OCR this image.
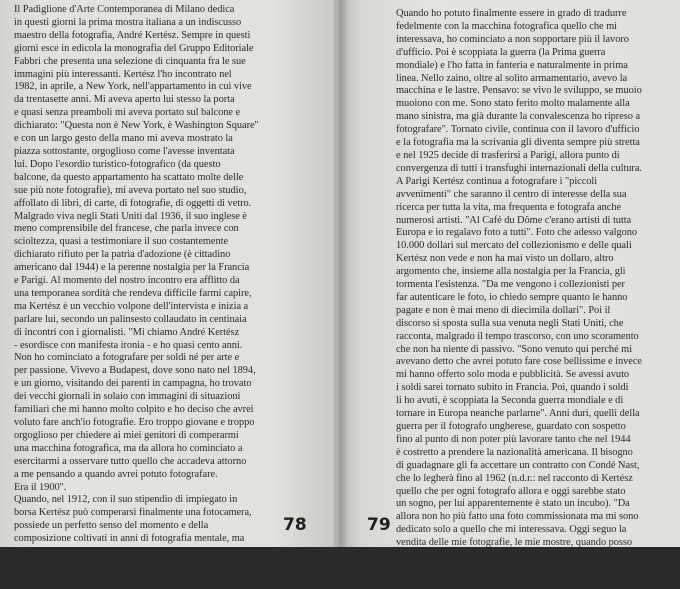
Il Padiglione d'Arte Contemporanea di Milano dedica
in questi giorni la prima mostra italiana a un indiscusso
maestro della fotografia, André Kertész. Sempre in questi
giorni esce in edicola la monografia del Gruppo Editoriale
Fabbri che presenta una selezione di cinquanta fra le sue
immagini più interessanti. Kertész l'ho incontrato nel
1982, in aprile, a New York, nell'appartamento in cui vive
da trentasette anni. Mi aveva aperto lui stesso la porta
e quasi senza preamboli mi aveva portato sul balcone e
dichiarato: "Questa non è New York, è Washington Square"
e con un largo gesto della mano mi aveva mostrato la
piazza sottostante, orgoglioso come l'avesse inventata
lui. Dopo l'esordio turistico-fotografico (da questo
balcone, da questo appartamento ha scattato molte delle
sue più note fotografie), mi aveva portato nel suo studio,
affollato di libri, di carte, di fotografie, di oggetti di vetro.
Malgrado viva negli Stati Uniti dal 1936, il suo inglese è
meno comprensibile del francese, che parla invece con
scioltezza, quasi a testimoniare il suo costantemente
dichiarato rifiuto per la patria d'adozione (è cittadino
americano dal 1944) e la perenne nostalgia per la Francia
e Parigi. Al momento del nostro incontro era afflitto da
una temporanea sordità che rendeva difficile farmi capire,
ma Kertész è un vecchio volpone dell'intervista e inizia a
parlare lui, secondo un palinsesto collaudato in centinaia
di incontri con i giornalisti. "Mi chiamo André Kertész
- esordisce con manifesta ironia - e ho quasi cento anni.
Non ho cominciato a fotografare per soldi né per arte e
per passione. Vivevo a Budapest, dove sono nato nel 1894,
e un giorno, visitando dei parenti in campagna, ho trovato
dei vecchi giornali in solaio con immagini di situazioni
familiari che mi hanno molto colpito e ho deciso che avrei
voluto fare anch'io fotografie. Ero troppo giovane e troppo
orgoglioso per chiedere ai miei genitori di comperarmi
una macchina fotografica, ma da allora ho cominciato a
esercitarmi a osservare tutto quello che accadeva attorno
a me pensando a quando avrei potuto fotografare.
Era il 1900".
Quando, nel 1912, con il suo stipendio di impiegato in
borsa Kertész può comperarsi finalmente una fotocamera,
possiede un perfetto senso del momento e della
composizione coltivati in anni di fotografia mentale, ma
nessuna conoscenza tecnica. "Imparavo di errore in errore,
non solo tecnicamente ma anche dal punto di vista ottico
e immaginativo, seguendo un corso di autoeducazione.
78
Quando ho potuto finalmente essere in grado di tradurre
fedelmente con la macchina fotografica quello che mi
interessava, ho cominciato a non sopportare più il lavoro
d'ufficio. Poi è scoppiata la guerra (la Prima guerra
mondiale) e l'ho fatta in fanteria e naturalmente in prima
linea. Nello zaino, oltre al solito armamentario, avevo la
macchina e le lastre. Pensavo: se vivo le sviluppo, se muoio
muoiono con me. Sono stato ferito molto malamente alla
mano sinistra, ma già durante la convalescenza ho ripreso a
fotografare". Tornato civile, continua con il lavoro d'ufficio
e la fotografia ma la scrivania gli diventa sempre più stretta
e nel 1925 decide di trasferirsi a Parigi, allora punto di
convergenza di tutti i transfughi internazionali della cultura.
A Parigi Kertész continua a fotografare i "piccoli
avvenimenti" che saranno il centro di interesse della sua
ricerca per tutta la vita, ma frequenta e fotografa anche
numerosi artisti. "Al Café du Dôme c'erano artisti di tutta
Europa e io regalavo foto a tutti". Foto che adesso valgono
10.000 dollari sul mercato del collezionismo e delle quali
Kertész non vede e non ha mai visto un dollaro, altro
argomento che, insieme alla nostalgia per la Francia, gli
tormenta l'esistenza. "Da me vengono i collezionisti per
far autenticare le foto, io chiedo sempre quanto le hanno
pagate e non è mai meno di diecimila dollari". Poi il
discorso si sposta sulla sua venuta negli Stati Uniti, che
racconta, malgrado il tempo trascorso, con uno scoramento
che non ha niente di passivo. "Sono venuto qui perché mi
avevano detto che avrei potuto fare cose bellissime e invece
mi hanno offerto solo moda e pubblicità. Se avessi avuto
i soldi sarei tornato subito in Francia. Poi, quando i soldi
li ho avuti, è scoppiata la Seconda guerra mondiale e di
tornare in Europa neanche parlarne". Anni duri, quelli della
guerra per il fotografo ungherese, guardato con sospetto
fino al punto di non poter più lavorare tanto che nel 1944
è costretto a prendere la nazionalità americana. Il bisogno
di guadagnare gli fa accettare un contratto con Condé Nast,
che lo legherà fino al 1962 (n.d.r.: nel racconto di Kertész
quello che per ogni fotografo allora e oggi sarebbe stato
un sogno, per lui apparentemente è stato un incubo). "Da
allora non ho più fatto una foto commissionata ma mi sono
dedicato solo a quello che mi interessava. Oggi seguo la
vendita delle mie fotografie, le mie mostre, quando posso
faccio dei libri. Vorrei tornare a Parigi: là mi aspettano
gli amici, ma là nessuno compera fotografie e io mi devo
guadagnare da vivere".
79
